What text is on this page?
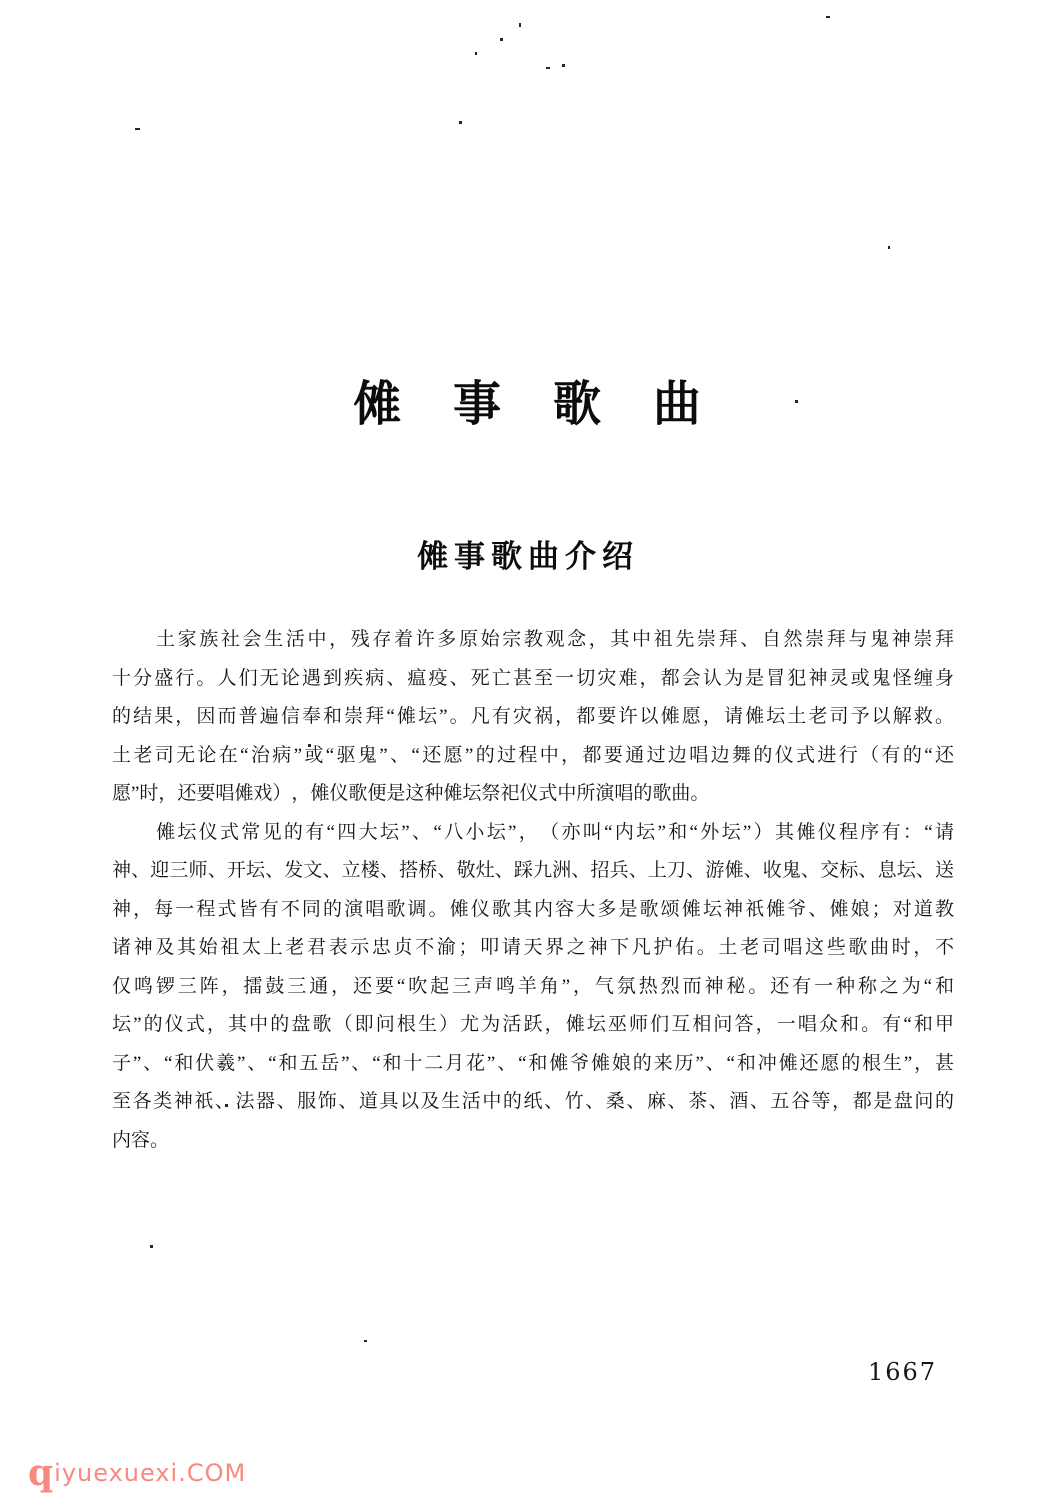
傩　事　歌　曲
傩事歌曲介绍
土家族社会生活中，残存着许多原始宗教观念，其中祖先崇拜、自然崇拜与鬼神崇拜
十分盛行。人们无论遇到疾病、瘟疫、死亡甚至一切灾难，都会认为是冒犯神灵或鬼怪缠身
的结果，因而普遍信奉和崇拜“傩坛”。凡有灾祸，都要许以傩愿，请傩坛土老司予以解救。
土老司无论在“治病”或“驱鬼”、“还愿”的过程中，都要通过边唱边舞的仪式进行（有的“还
愿”时，还要唱傩戏），傩仪歌便是这种傩坛祭祀仪式中所演唱的歌曲。
傩坛仪式常见的有“四大坛”、“八小坛”，（亦叫“内坛”和“外坛”）其傩仪程序有：“请
神、迎三师、开坛、发文、立楼、搭桥、敬灶、踩九洲、招兵、上刀、游傩、收鬼、交标、息坛、送
神，每一程式皆有不同的演唱歌调。傩仪歌其内容大多是歌颂傩坛神祇傩爷、傩娘；对道教
诸神及其始祖太上老君表示忠贞不渝；叩请天界之神下凡护佑。土老司唱这些歌曲时，不
仅鸣锣三阵，擂鼓三通，还要“吹起三声鸣羊角”，气氛热烈而神秘。还有一种称之为“和
坛”的仪式，其中的盘歌（即问根生）尤为活跃，傩坛巫师们互相问答，一唱众和。有“和甲
子”、“和伏羲”、“和五岳”、“和十二月花”、“和傩爷傩娘的来历”、“和冲傩还愿的根生”，甚
至各类神祇、法器、服饰、道具以及生活中的纸、竹、桑、麻、茶、酒、五谷等，都是盘问的
内容。
1667
qiyuexuexi.COM
